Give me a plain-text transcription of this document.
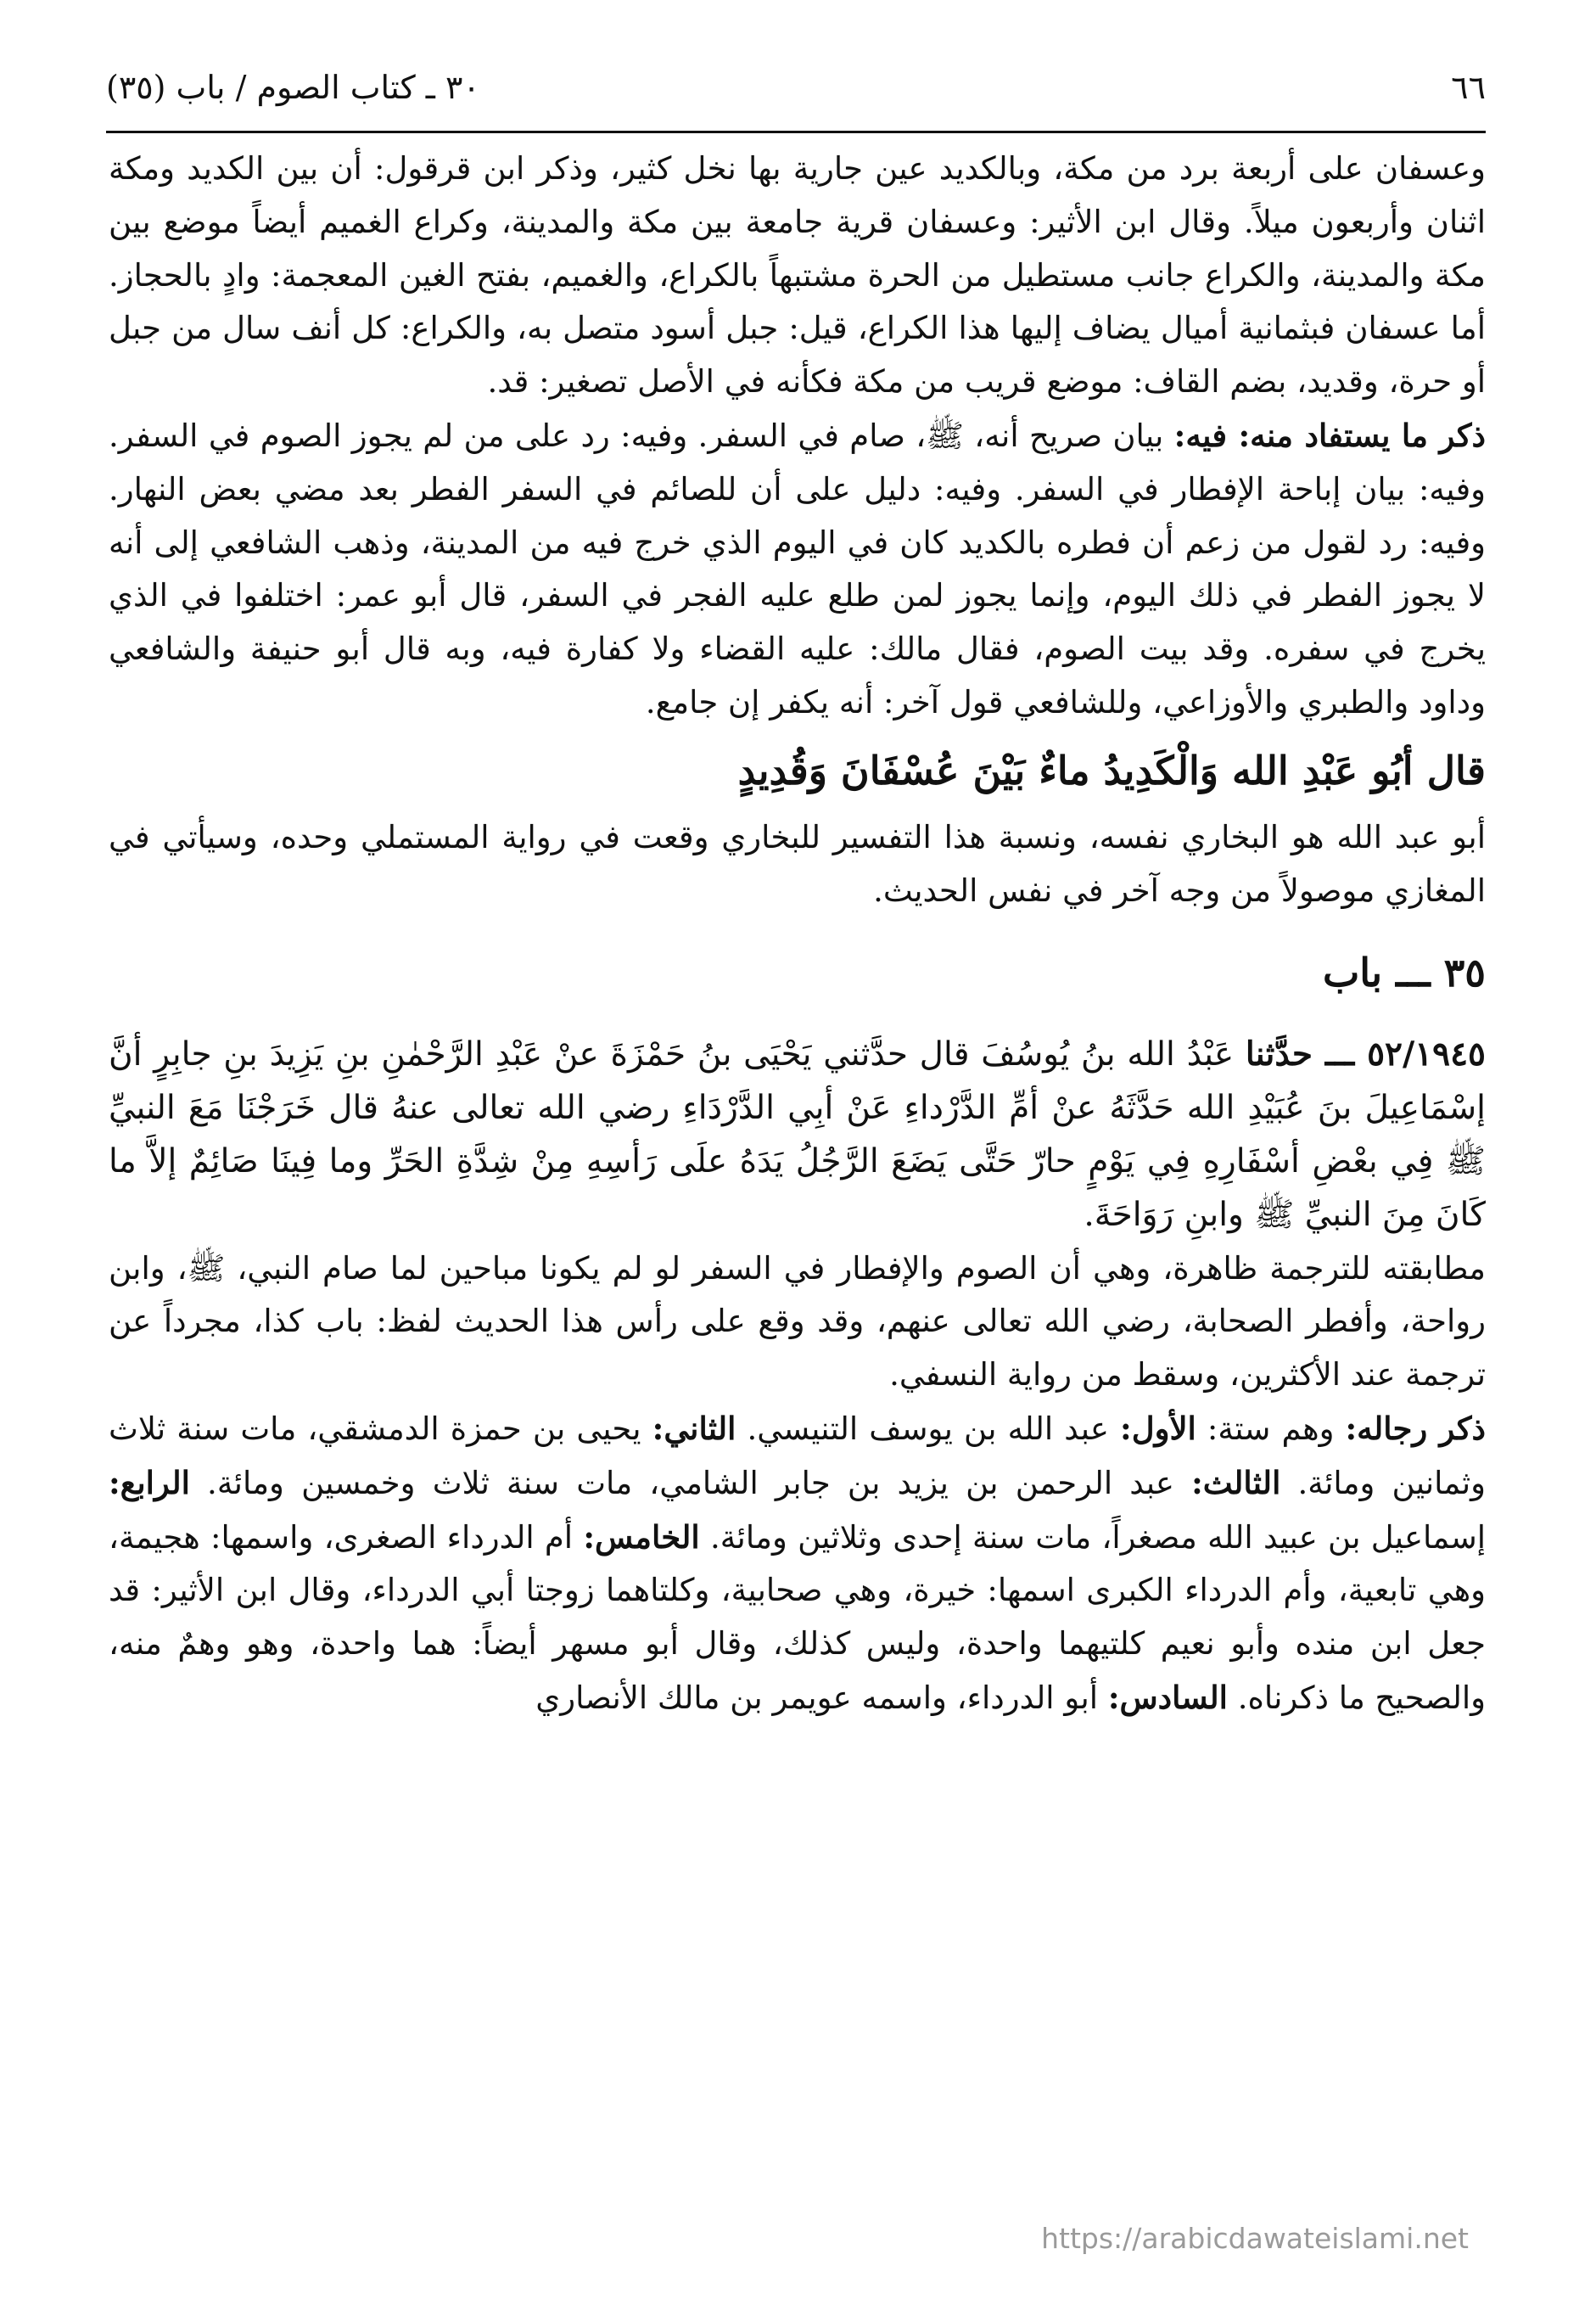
٦٦
٣٠ ـ كتاب الصوم / باب (٣٥)

وعسفان على أربعة برد من مكة، وبالكديد عين جارية بها نخل كثير، وذكر ابن قرقول: أن بين الكديد ومكة اثنان وأربعون ميلاً. وقال ابن الأثير: وعسفان قرية جامعة بين مكة والمدينة، وكراع الغميم أيضاً موضع بين مكة والمدينة، والكراع جانب مستطيل من الحرة مشتبهاً بالكراع، والغميم، بفتح الغين المعجمة: وادٍ بالحجاز. أما عسفان فبثمانية أميال يضاف إليها هذا الكراع، قيل: جبل أسود متصل به، والكراع: كل أنف سال من جبل أو حرة، وقديد، بضم القاف: موضع قريب من مكة فكأنه في الأصل تصغير: قد.

ذكر ما يستفاد منه: فيه: بيان صريح أنه، ﷺ، صام في السفر. وفيه: رد على من لم يجوز الصوم في السفر. وفيه: بيان إباحة الإفطار في السفر. وفيه: دليل على أن للصائم في السفر الفطر بعد مضي بعض النهار. وفيه: رد لقول من زعم أن فطره بالكديد كان في اليوم الذي خرج فيه من المدينة، وذهب الشافعي إلى أنه لا يجوز الفطر في ذلك اليوم، وإنما يجوز لمن طلع عليه الفجر في السفر، قال أبو عمر: اختلفوا في الذي يخرج في سفره. وقد بيت الصوم، فقال مالك: عليه القضاء ولا كفارة فيه، وبه قال أبو حنيفة والشافعي وداود والطبري والأوزاعي، وللشافعي قول آخر: أنه يكفر إن جامع.

قال أبُو عَبْدِ الله وَالْكَدِيدُ ماءٌ بَيْنَ عُسْفَانَ وَقُدِيدٍ

أبو عبد الله هو البخاري نفسه، ونسبة هذا التفسير للبخاري وقعت في رواية المستملي وحده، وسيأتي في المغازي موصولاً من وجه آخر في نفس الحديث.

٣٥ ـــ باب

٥٢/١٩٤٥ ـــ حدَّثنا عَبْدُ الله بنُ يُوسُفَ قال حدَّثني يَحْيَى بنُ حَمْزَةَ عنْ عَبْدِ الرَّحْمٰنِ بنِ يَزِيدَ بنِ جابِرٍ أنَّ إسْمَاعِيلَ بنَ عُبَيْدِ الله حَدَّثَهُ عنْ أمِّ الدَّرْداءِ عَنْ أبِي الدَّرْدَاءِ رضي الله تعالى عنهُ قال خَرَجْنَا مَعَ النبيِّ ﷺ فِي بعْضِ أسْفَارِهِ فِي يَوْمٍ حارّ حَتَّى يَضَعَ الرَّجُلُ يَدَهُ علَى رَأسِهِ مِنْ شِدَّةِ الحَرِّ وما فِينَا صَائِمٌ إلاَّ ما كَانَ مِنَ النبيِّ ﷺ وابنِ رَوَاحَةَ.

مطابقته للترجمة ظاهرة، وهي أن الصوم والإفطار في السفر لو لم يكونا مباحين لما صام النبي، ﷺ، وابن رواحة، وأفطر الصحابة، رضي الله تعالى عنهم، وقد وقع على رأس هذا الحديث لفظ: باب كذا، مجرداً عن ترجمة عند الأكثرين، وسقط من رواية النسفي.

ذكر رجاله: وهم ستة: الأول: عبد الله بن يوسف التنيسي. الثاني: يحيى بن حمزة الدمشقي، مات سنة ثلاث وثمانين ومائة. الثالث: عبد الرحمن بن يزيد بن جابر الشامي، مات سنة ثلاث وخمسين ومائة. الرابع: إسماعيل بن عبيد الله مصغراً، مات سنة إحدى وثلاثين ومائة. الخامس: أم الدرداء الصغرى، واسمها: هجيمة، وهي تابعية، وأم الدرداء الكبرى اسمها: خيرة، وهي صحابية، وكلتاهما زوجتا أبي الدرداء، وقال ابن الأثير: قد جعل ابن منده وأبو نعيم كلتيهما واحدة، وليس كذلك، وقال أبو مسهر أيضاً: هما واحدة، وهو وهمٌ منه، والصحيح ما ذكرناه. السادس: أبو الدرداء، واسمه عويمر بن مالك الأنصاري

https://arabicdawateislami.net
